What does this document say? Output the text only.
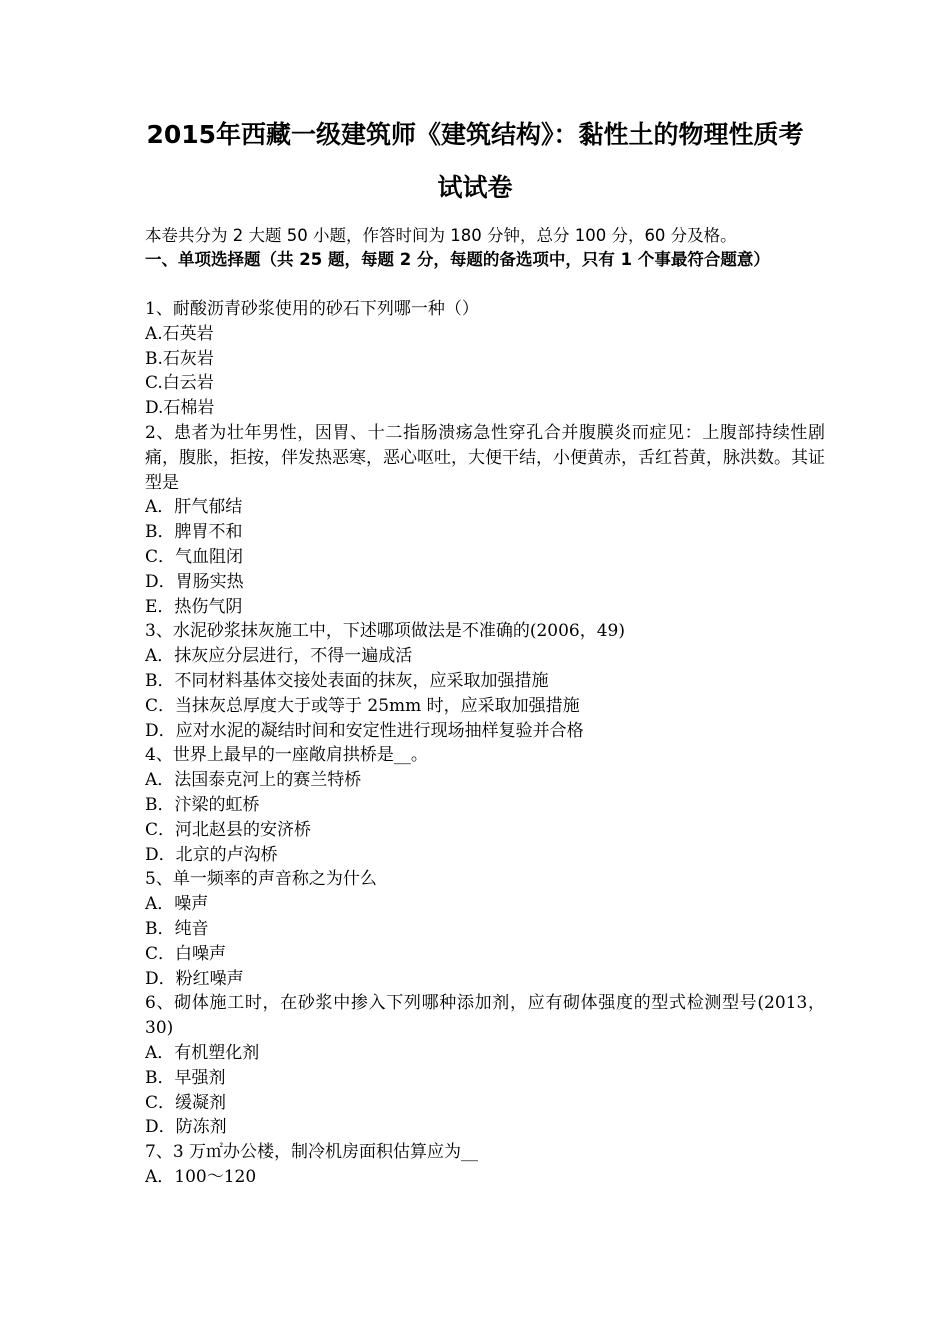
2015年西藏一级建筑师《建筑结构》：黏性土的物理性质考
试试卷
本卷共分为 2 大题 50 小题，作答时间为 180 分钟，总分 100 分，60 分及格。
一、单项选择题（共 25 题，每题 2 分，每题的备选项中，只有 1 个事最符合题意）
1、耐酸沥青砂浆使用的砂石下列哪一种（）
A.石英岩
B.石灰岩
C.白云岩
D.石棉岩
2、患者为壮年男性，因胃、十二指肠溃疡急性穿孔合并腹膜炎而症见：上腹部持续性剧痛，腹胀，拒按，伴发热恶寒，恶心呕吐，大便干结，小便黄赤，舌红苔黄，脉洪数。其证型是
A．肝气郁结
B．脾胃不和
C．气血阻闭
D．胃肠实热
E．热伤气阴
3、水泥砂浆抹灰施工中，下述哪项做法是不准确的(2006，49)
A．抹灰应分层进行，不得一遍成活
B．不同材料基体交接处表面的抹灰，应采取加强措施
C．当抹灰总厚度大于或等于 25mm 时，应采取加强措施
D．应对水泥的凝结时间和安定性进行现场抽样复验并合格
4、世界上最早的一座敞肩拱桥是__。
A．法国泰克河上的赛兰特桥
B．汴梁的虹桥
C．河北赵县的安济桥
D．北京的卢沟桥
5、单一频率的声音称之为什么
A．噪声
B．纯音
C．白噪声
D．粉红噪声
6、砌体施工时，在砂浆中掺入下列哪种添加剂，应有砌体强度的型式检测型号(2013，30)
A．有机塑化剂
B．早强剂
C．缓凝剂
D．防冻剂
7、3 万㎡办公楼，制冷机房面积估算应为__
A．100～120
